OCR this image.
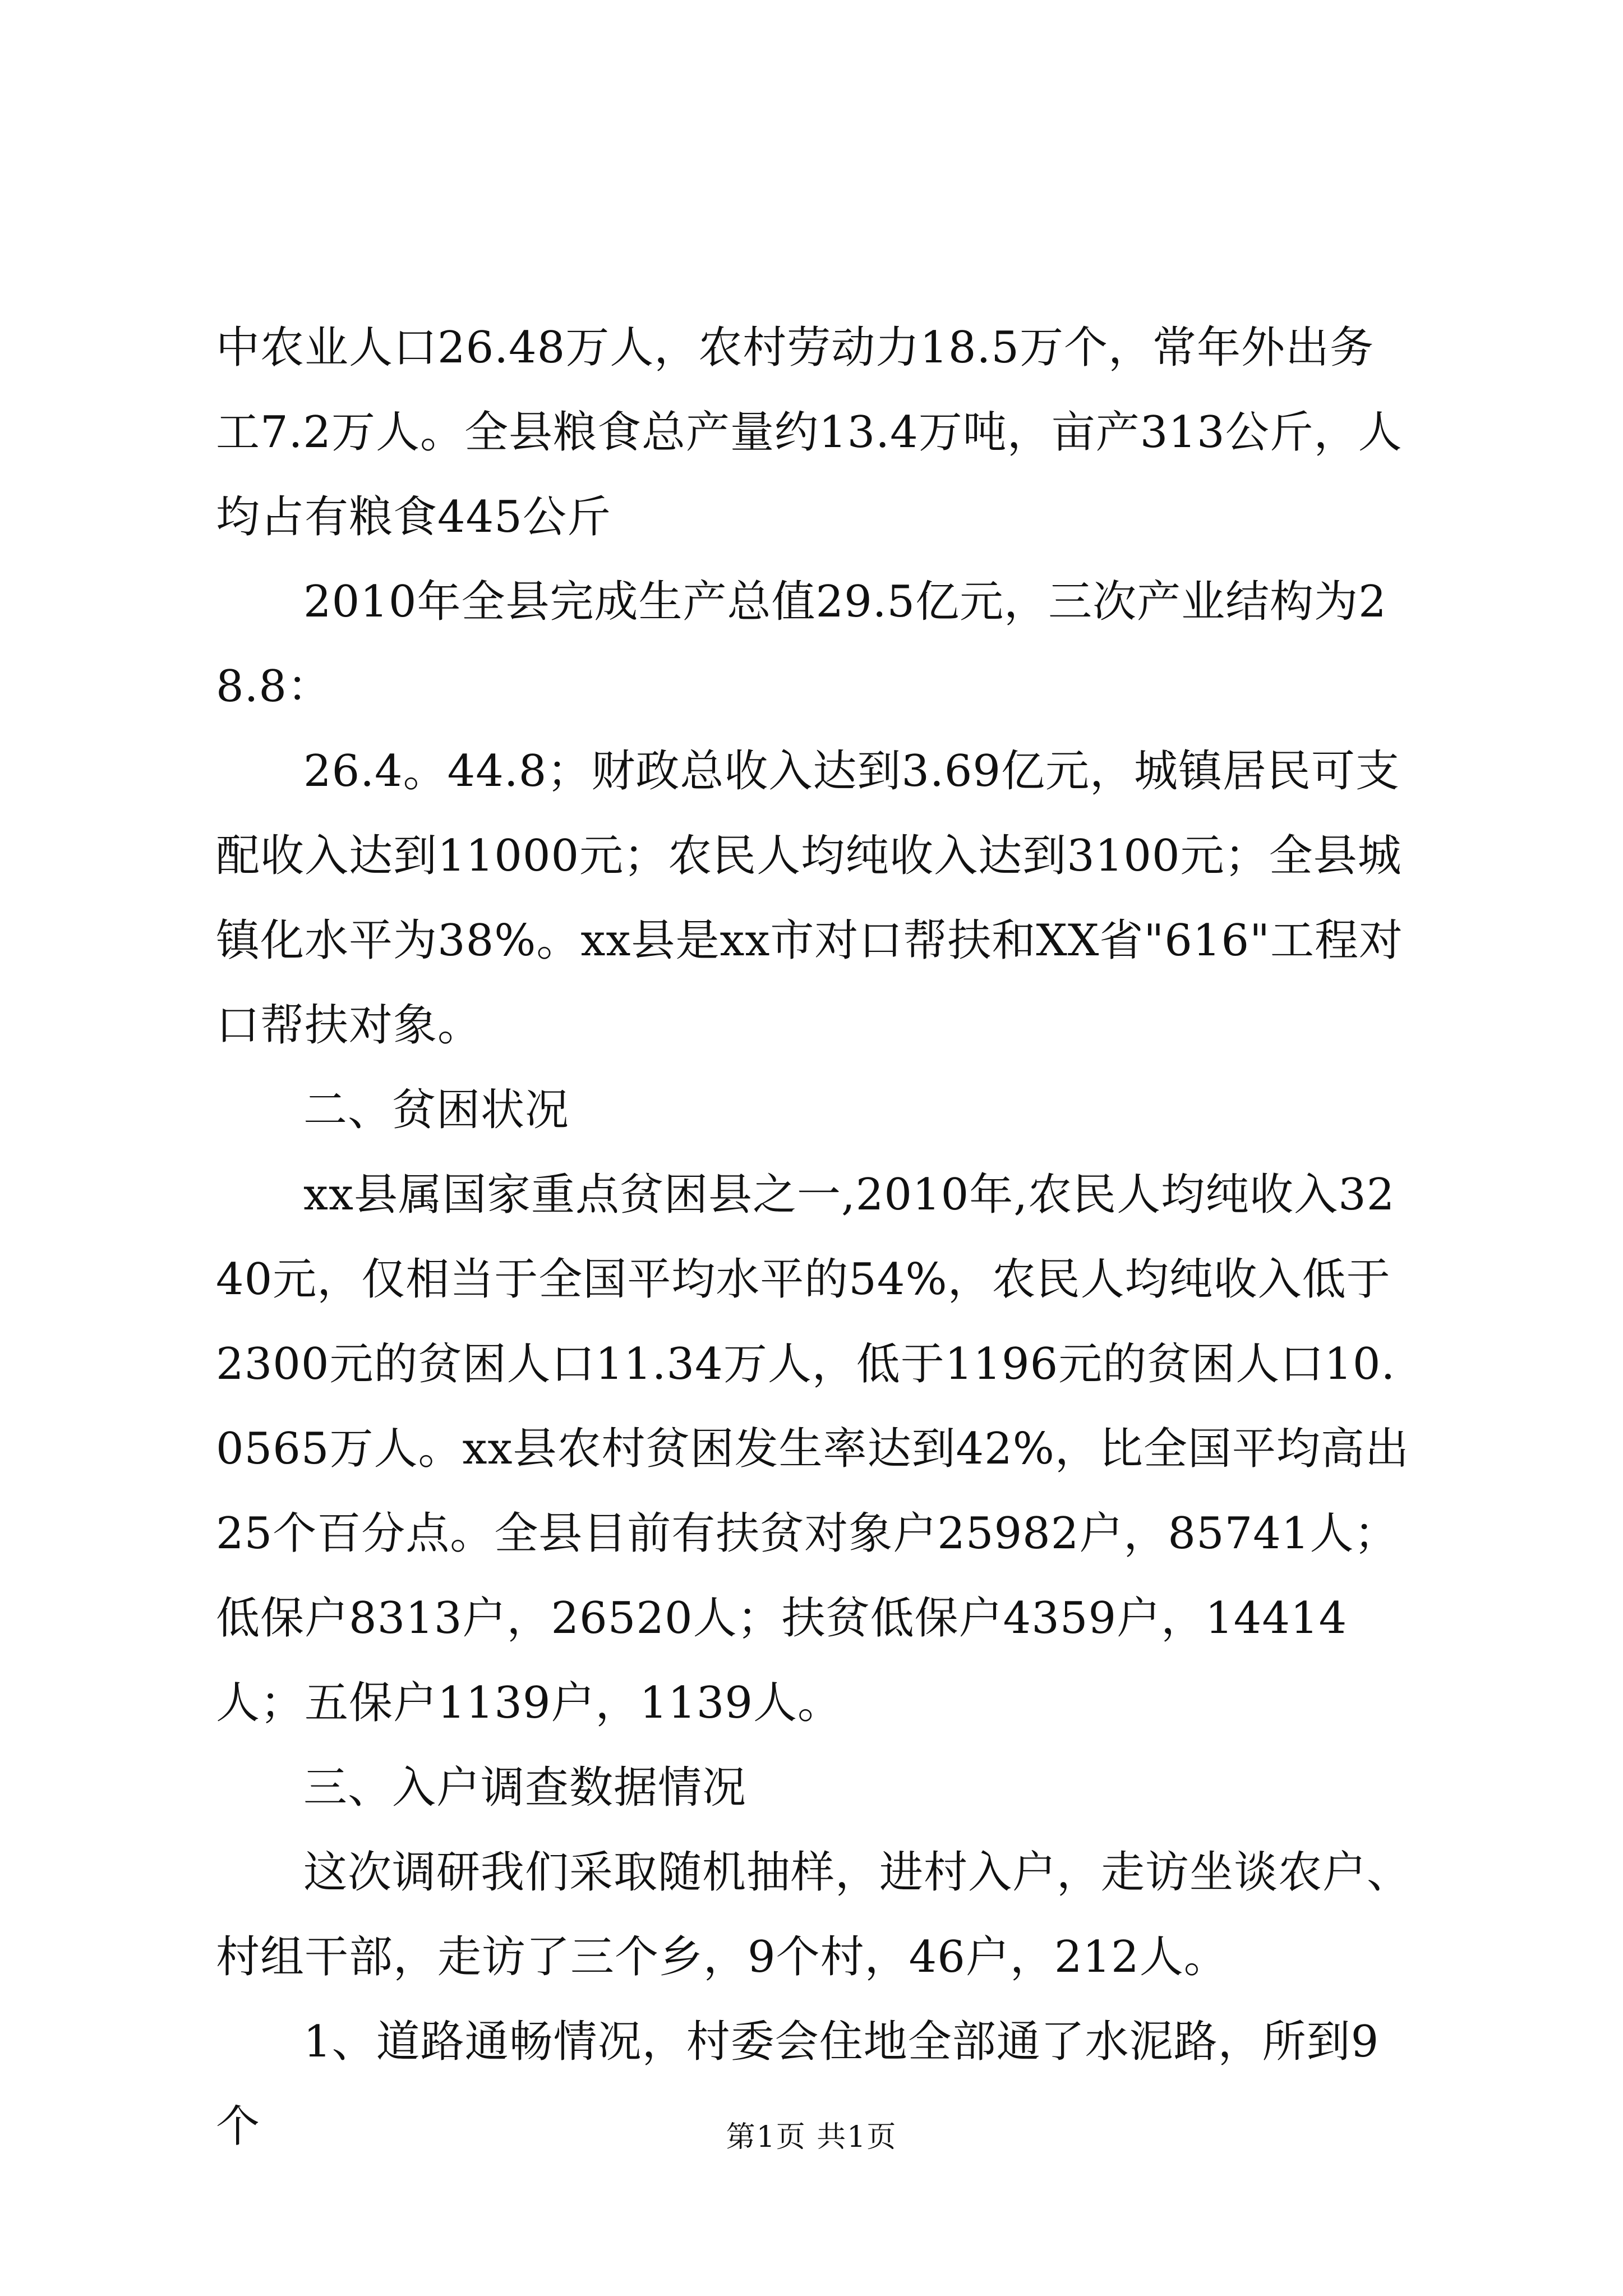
中农业人口26.48万人，农村劳动力18.5万个，常年外出务工7.2万人。全县粮食总产量约13.4万吨，亩产313公斤，人均占有粮食445公斤

2010年全县完成生产总值29.5亿元，三次产业结构为28.8：

26.4。44.8；财政总收入达到3.69亿元，城镇居民可支配收入达到11000元；农民人均纯收入达到3100元；全县城镇化水平为38%。xx县是xx市对口帮扶和XX省"616"工程对口帮扶对象。

二、贫困状况

xx县属国家重点贫困县之一,2010年,农民人均纯收入3240元，仅相当于全国平均水平的54%，农民人均纯收入低于2300元的贫困人口11.34万人，低于1196元的贫困人口10.0565万人。xx县农村贫困发生率达到42%，比全国平均高出25个百分点。全县目前有扶贫对象户25982户，85741人；低保户8313户，26520人；扶贫低保户4359户，14414人；五保户1139户，1139人。

三、入户调查数据情况

这次调研我们采取随机抽样，进村入户，走访坐谈农户、村组干部，走访了三个乡，9个村，46户，212人。

1、道路通畅情况，村委会住地全部通了水泥路，所到9个	第1页 共1页
